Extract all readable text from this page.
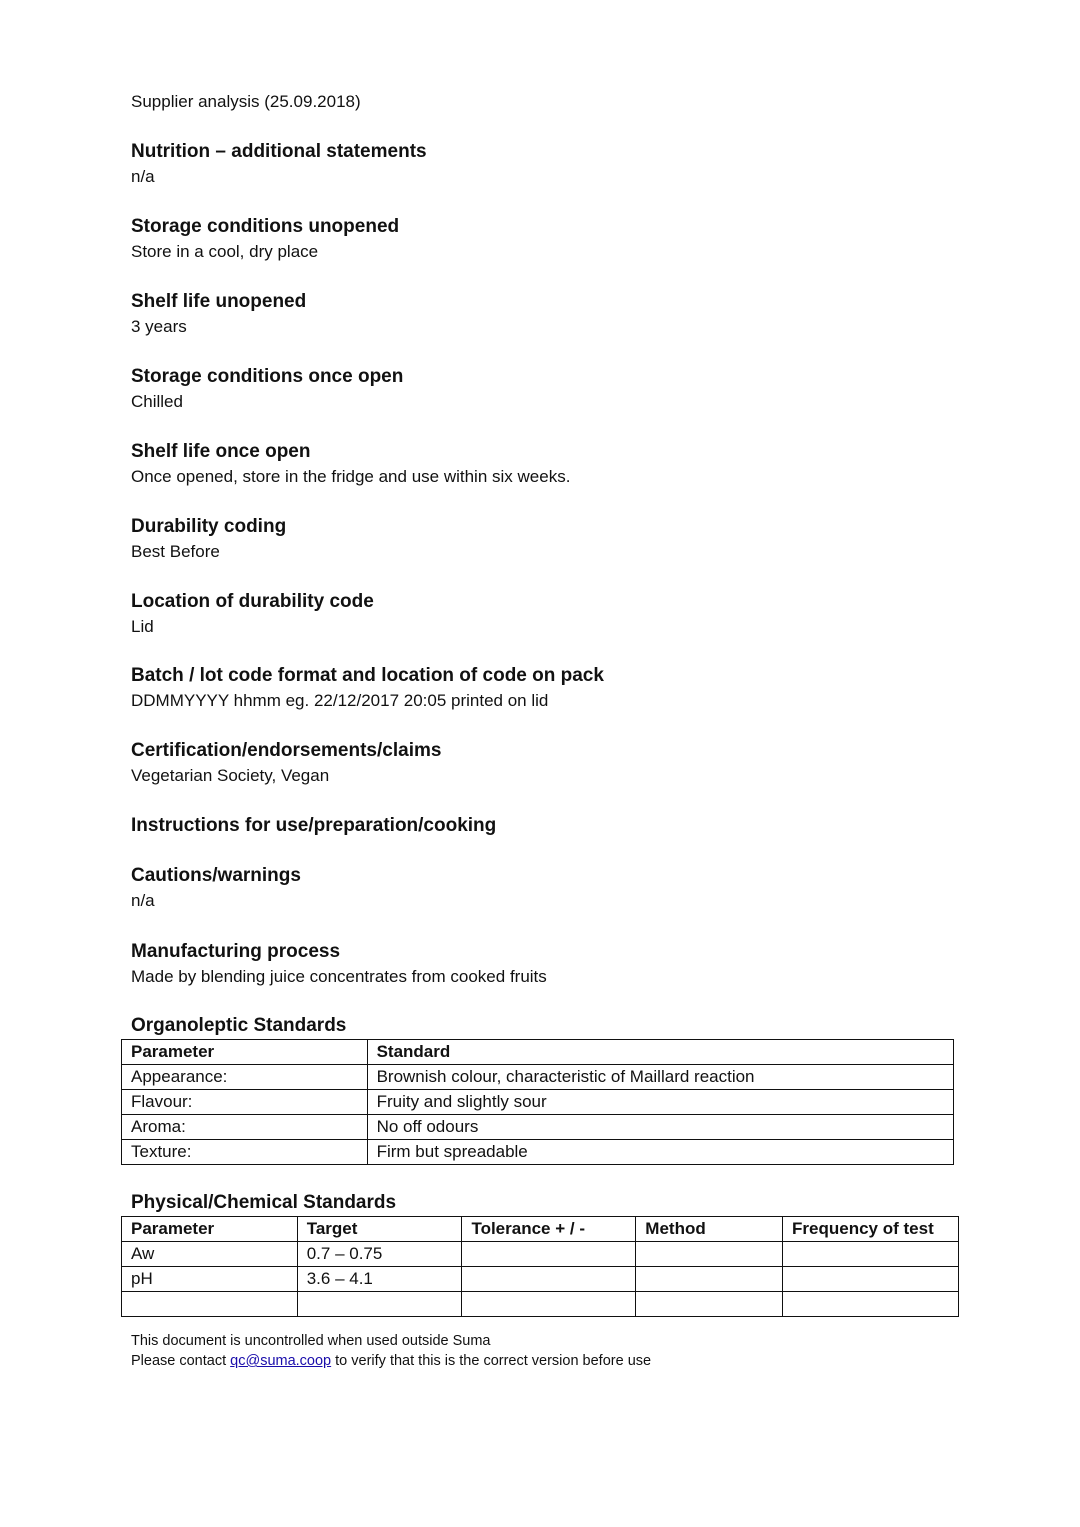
Supplier analysis (25.09.2018)
Nutrition – additional statements

n/a

Storage conditions unopened

Store in a cool, dry place

Shelf life unopened

3 years

Storage conditions once open

Chilled

Shelf life once open

Once opened, store in the fridge and use within six weeks.

Durability coding

Best Before

Location of durability code

Lid

Batch / lot code format and location of code on pack

DDMMYYYY hhmm eg. 22/12/2017 20:05 printed on lid

Certification/endorsements/claims

Vegetarian Society, Vegan

Instructions for use/preparation/cooking
Cautions/warnings

n/a

Manufacturing process

Made by blending juice concentrates from cooked fruits

Organoleptic Standards
Parameter	Standard
Appearance:	Brownish colour, characteristic of Maillard reaction
Flavour:	Fruity and slightly sour
Aroma:	No off odours
Texture:	Firm but spreadable
Physical/Chemical Standards
Parameter	Target	Tolerance + / -	Method	Frequency of test
Aw	0.7 – 0.75			
pH	3.6 – 4.1			

This document is uncontrolled when used outside Suma
Please contact qc@suma.coop to verify that this is the correct version before use
